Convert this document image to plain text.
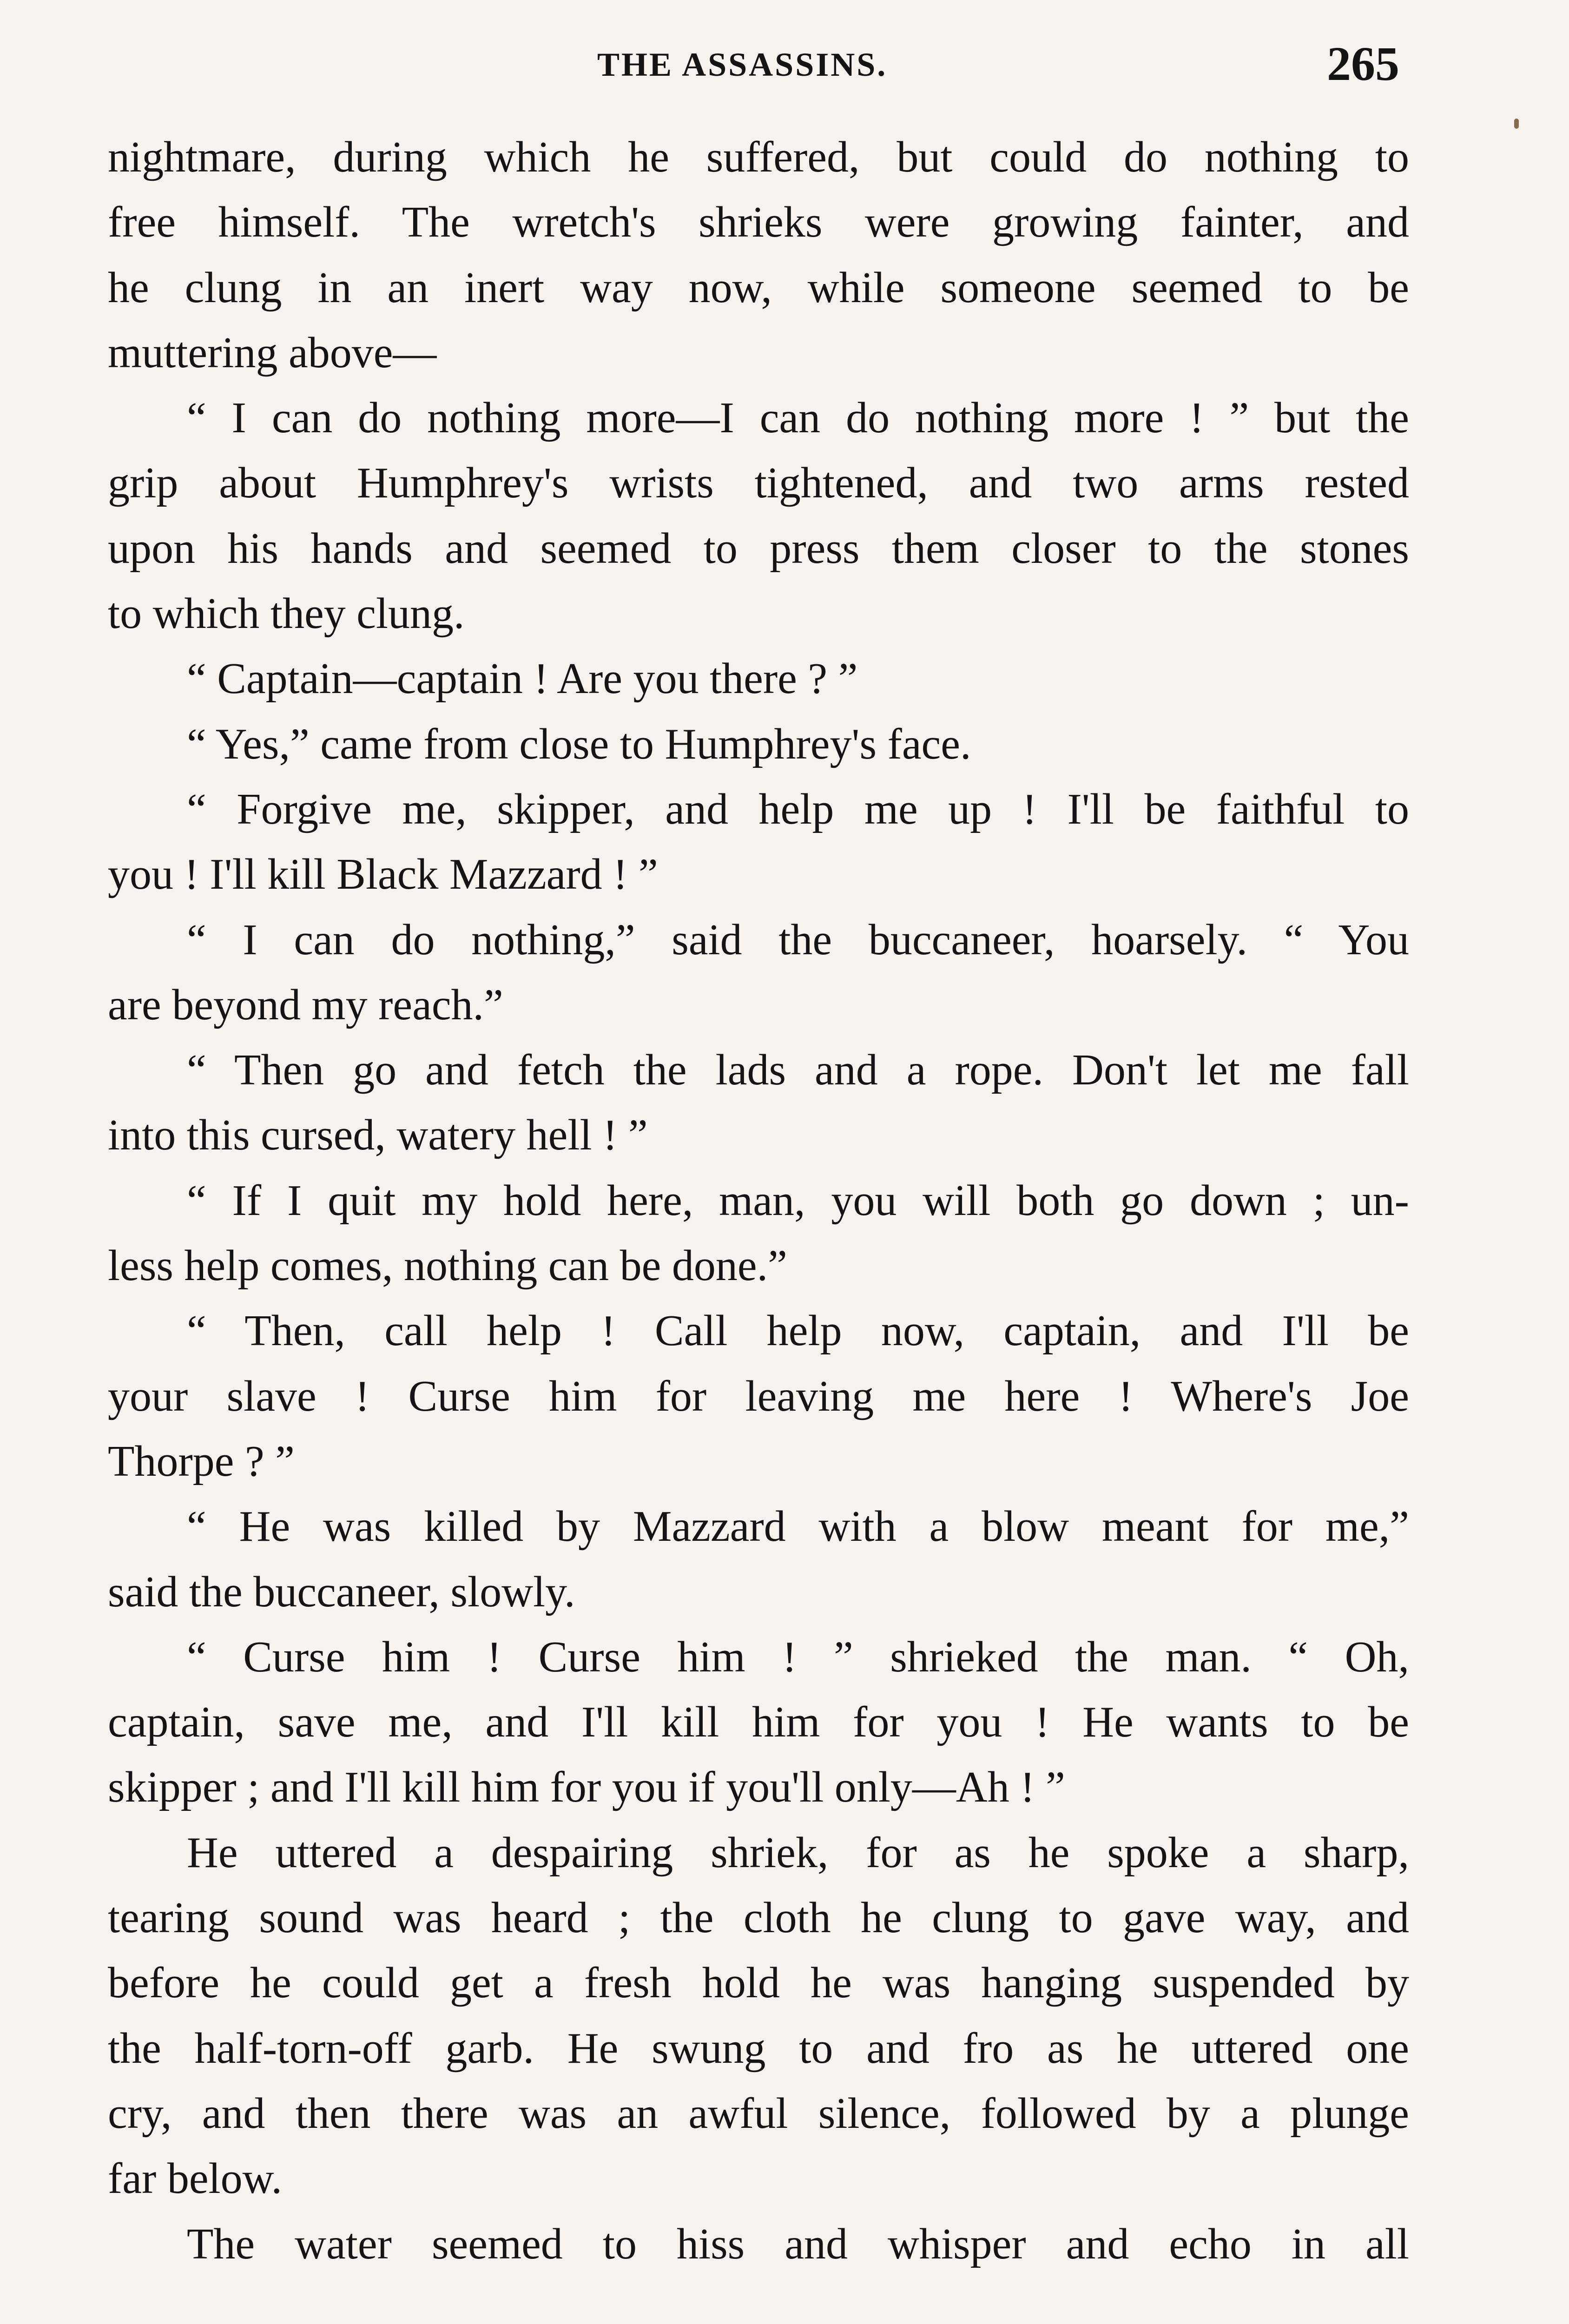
THE ASSASSINS.	265
nightmare, during which he suffered, but could do nothing to
free himself. The wretch's shrieks were growing fainter, and
he clung in an inert way now, while someone seemed to be
muttering above—
“ I can do nothing more—I can do nothing more ! ” but the
grip about Humphrey's wrists tightened, and two arms rested
upon his hands and seemed to press them closer to the stones
to which they clung.
“ Captain—captain ! Are you there ? ”
“ Yes,” came from close to Humphrey's face.
“ Forgive me, skipper, and help me up ! I'll be faithful to
you ! I'll kill Black Mazzard ! ”
“ I can do nothing,” said the buccaneer, hoarsely. “ You
are beyond my reach.”
“ Then go and fetch the lads and a rope. Don't let me fall
into this cursed, watery hell ! ”
“ If I quit my hold here, man, you will both go down ; un-
less help comes, nothing can be done.”
“ Then, call help ! Call help now, captain, and I'll be
your slave ! Curse him for leaving me here ! Where's Joe
Thorpe ? ”
“ He was killed by Mazzard with a blow meant for me,”
said the buccaneer, slowly.
“ Curse him ! Curse him ! ” shrieked the man. “ Oh,
captain, save me, and I'll kill him for you ! He wants to be
skipper ; and I'll kill him for you if you'll only—Ah ! ”
He uttered a despairing shriek, for as he spoke a sharp,
tearing sound was heard ; the cloth he clung to gave way, and
before he could get a fresh hold he was hanging suspended by
the half-torn-off garb. He swung to and fro as he uttered one
cry, and then there was an awful silence, followed by a plunge
far below.
The water seemed to hiss and whisper and echo in all
